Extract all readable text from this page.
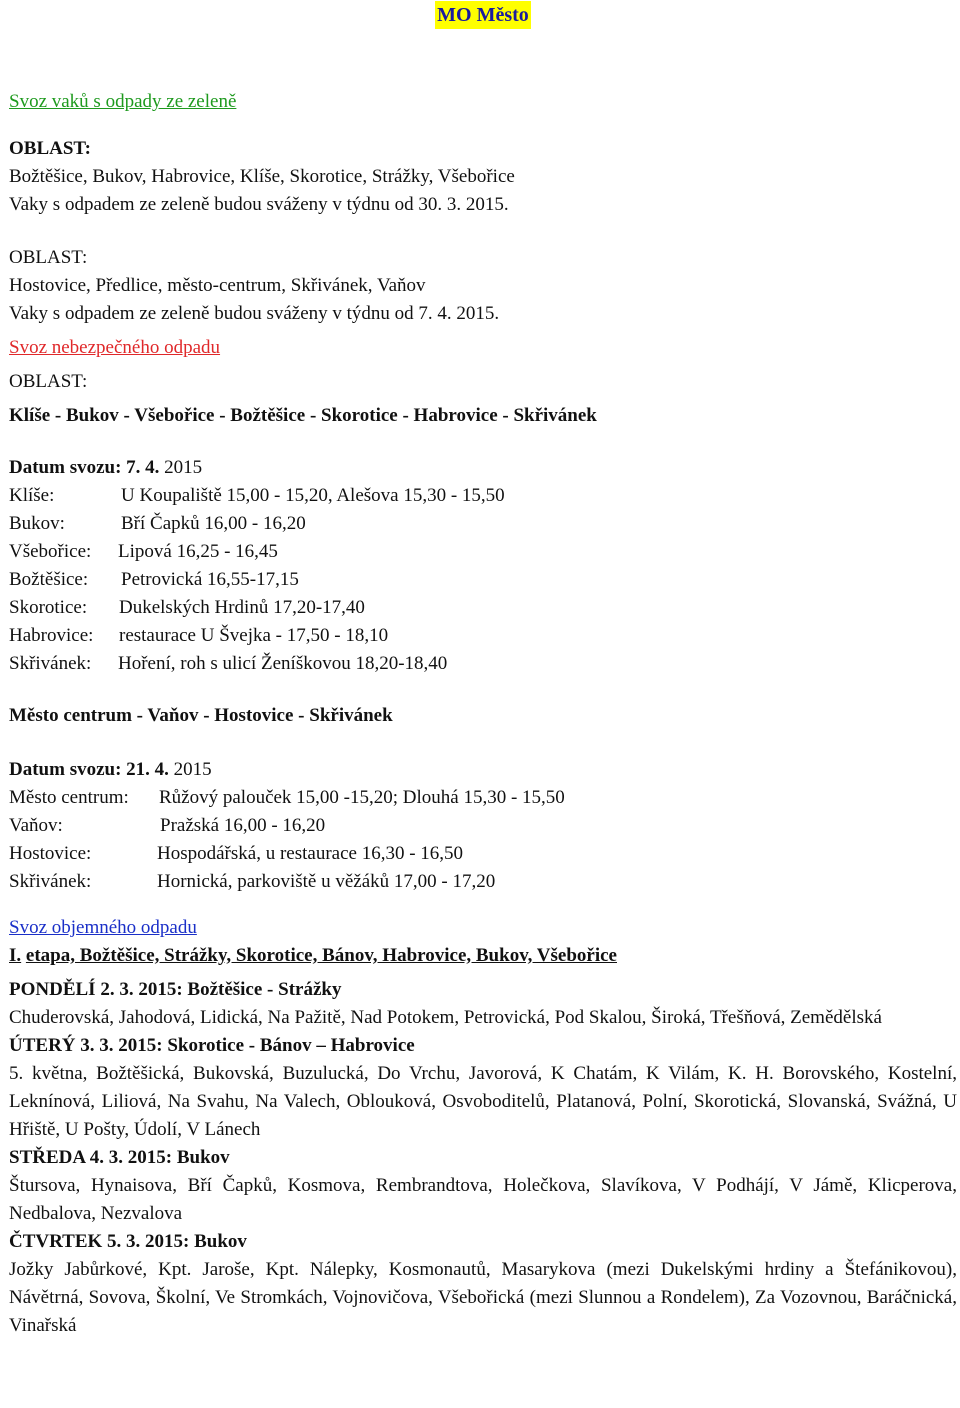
MO Město
Svoz vaků s odpady ze zeleně
OBLAST:
Božtěšice, Bukov, Habrovice, Klíše, Skorotice, Strážky, Všebořice
Vaky s odpadem ze zeleně budou sváženy v týdnu od 30. 3. 2015.
OBLAST:
Hostovice, Předlice, město-centrum, Skřivánek, Vaňov
Vaky s odpadem ze zeleně budou sváženy v týdnu od 7. 4. 2015.
Svoz nebezpečného odpadu
OBLAST:
Klíše - Bukov - Všebořice - Božtěšice - Skorotice - Habrovice - Skřivánek
Datum svozu: 7. 4. 2015
Klíše:	U Koupaliště 15,00 - 15,20, Alešova 15,30 - 15,50
Bukov:	Bří Čapků 16,00 - 16,20
Všebořice:	Lipová 16,25 - 16,45
Božtěšice:	Petrovická 16,55-17,15
Skorotice:	Dukelských Hrdinů 17,20-17,40
Habrovice:	restaurace U Švejka - 17,50 - 18,10
Skřivánek:	Hoření, roh s ulicí Ženíškovou 18,20-18,40
Město centrum - Vaňov - Hostovice - Skřivánek
Datum svozu: 21. 4. 2015
Město centrum:	Růžový palouček 15,00 -15,20; Dlouhá 15,30 - 15,50
Vaňov:	Pražská 16,00 - 16,20
Hostovice:	Hospodářská, u restaurace 16,30 - 16,50
Skřivánek:	Hornická, parkoviště u věžáků 17,00 - 17,20
Svoz objemného odpadu
I. etapa, Božtěšice, Strážky, Skorotice, Bánov, Habrovice, Bukov, Všebořice
PONDĚLÍ 2. 3. 2015: Božtěšice - Strážky
Chuderovská, Jahodová, Lidická, Na Pažitě, Nad Potokem, Petrovická, Pod Skalou, Široká, Třešňová, Zemědělská
ÚTERÝ 3. 3. 2015: Skorotice - Bánov – Habrovice
5. května, Božtěšická, Bukovská, Buzulucká, Do Vrchu, Javorová, K Chatám, K Vilám, K. H. Borovského, Kostelní, Leknínová, Liliová, Na Svahu, Na Valech, Oblouková, Osvoboditelů, Platanová, Polní, Skorotická, Slovanská, Svážná, U Hřiště, U Pošty, Údolí, V Lánech
STŘEDA 4. 3. 2015: Bukov
Štursova, Hynaisova, Bří Čapků, Kosmova, Rembrandtova, Holečkova, Slavíkova, V Podhájí, V Jámě, Klicperova, Nedbalova, Nezvalova
ČTVRTEK 5. 3. 2015: Bukov
Jožky Jabůrkové, Kpt. Jaroše, Kpt. Nálepky, Kosmonautů, Masarykova (mezi Dukelskými hrdiny a Štefánikovou), Návětrná, Sovova, Školní, Ve Stromkách, Vojnovičova, Všebořická (mezi Slunnou a Rondelem), Za Vozovnou, Baráčnická, Vinařská
